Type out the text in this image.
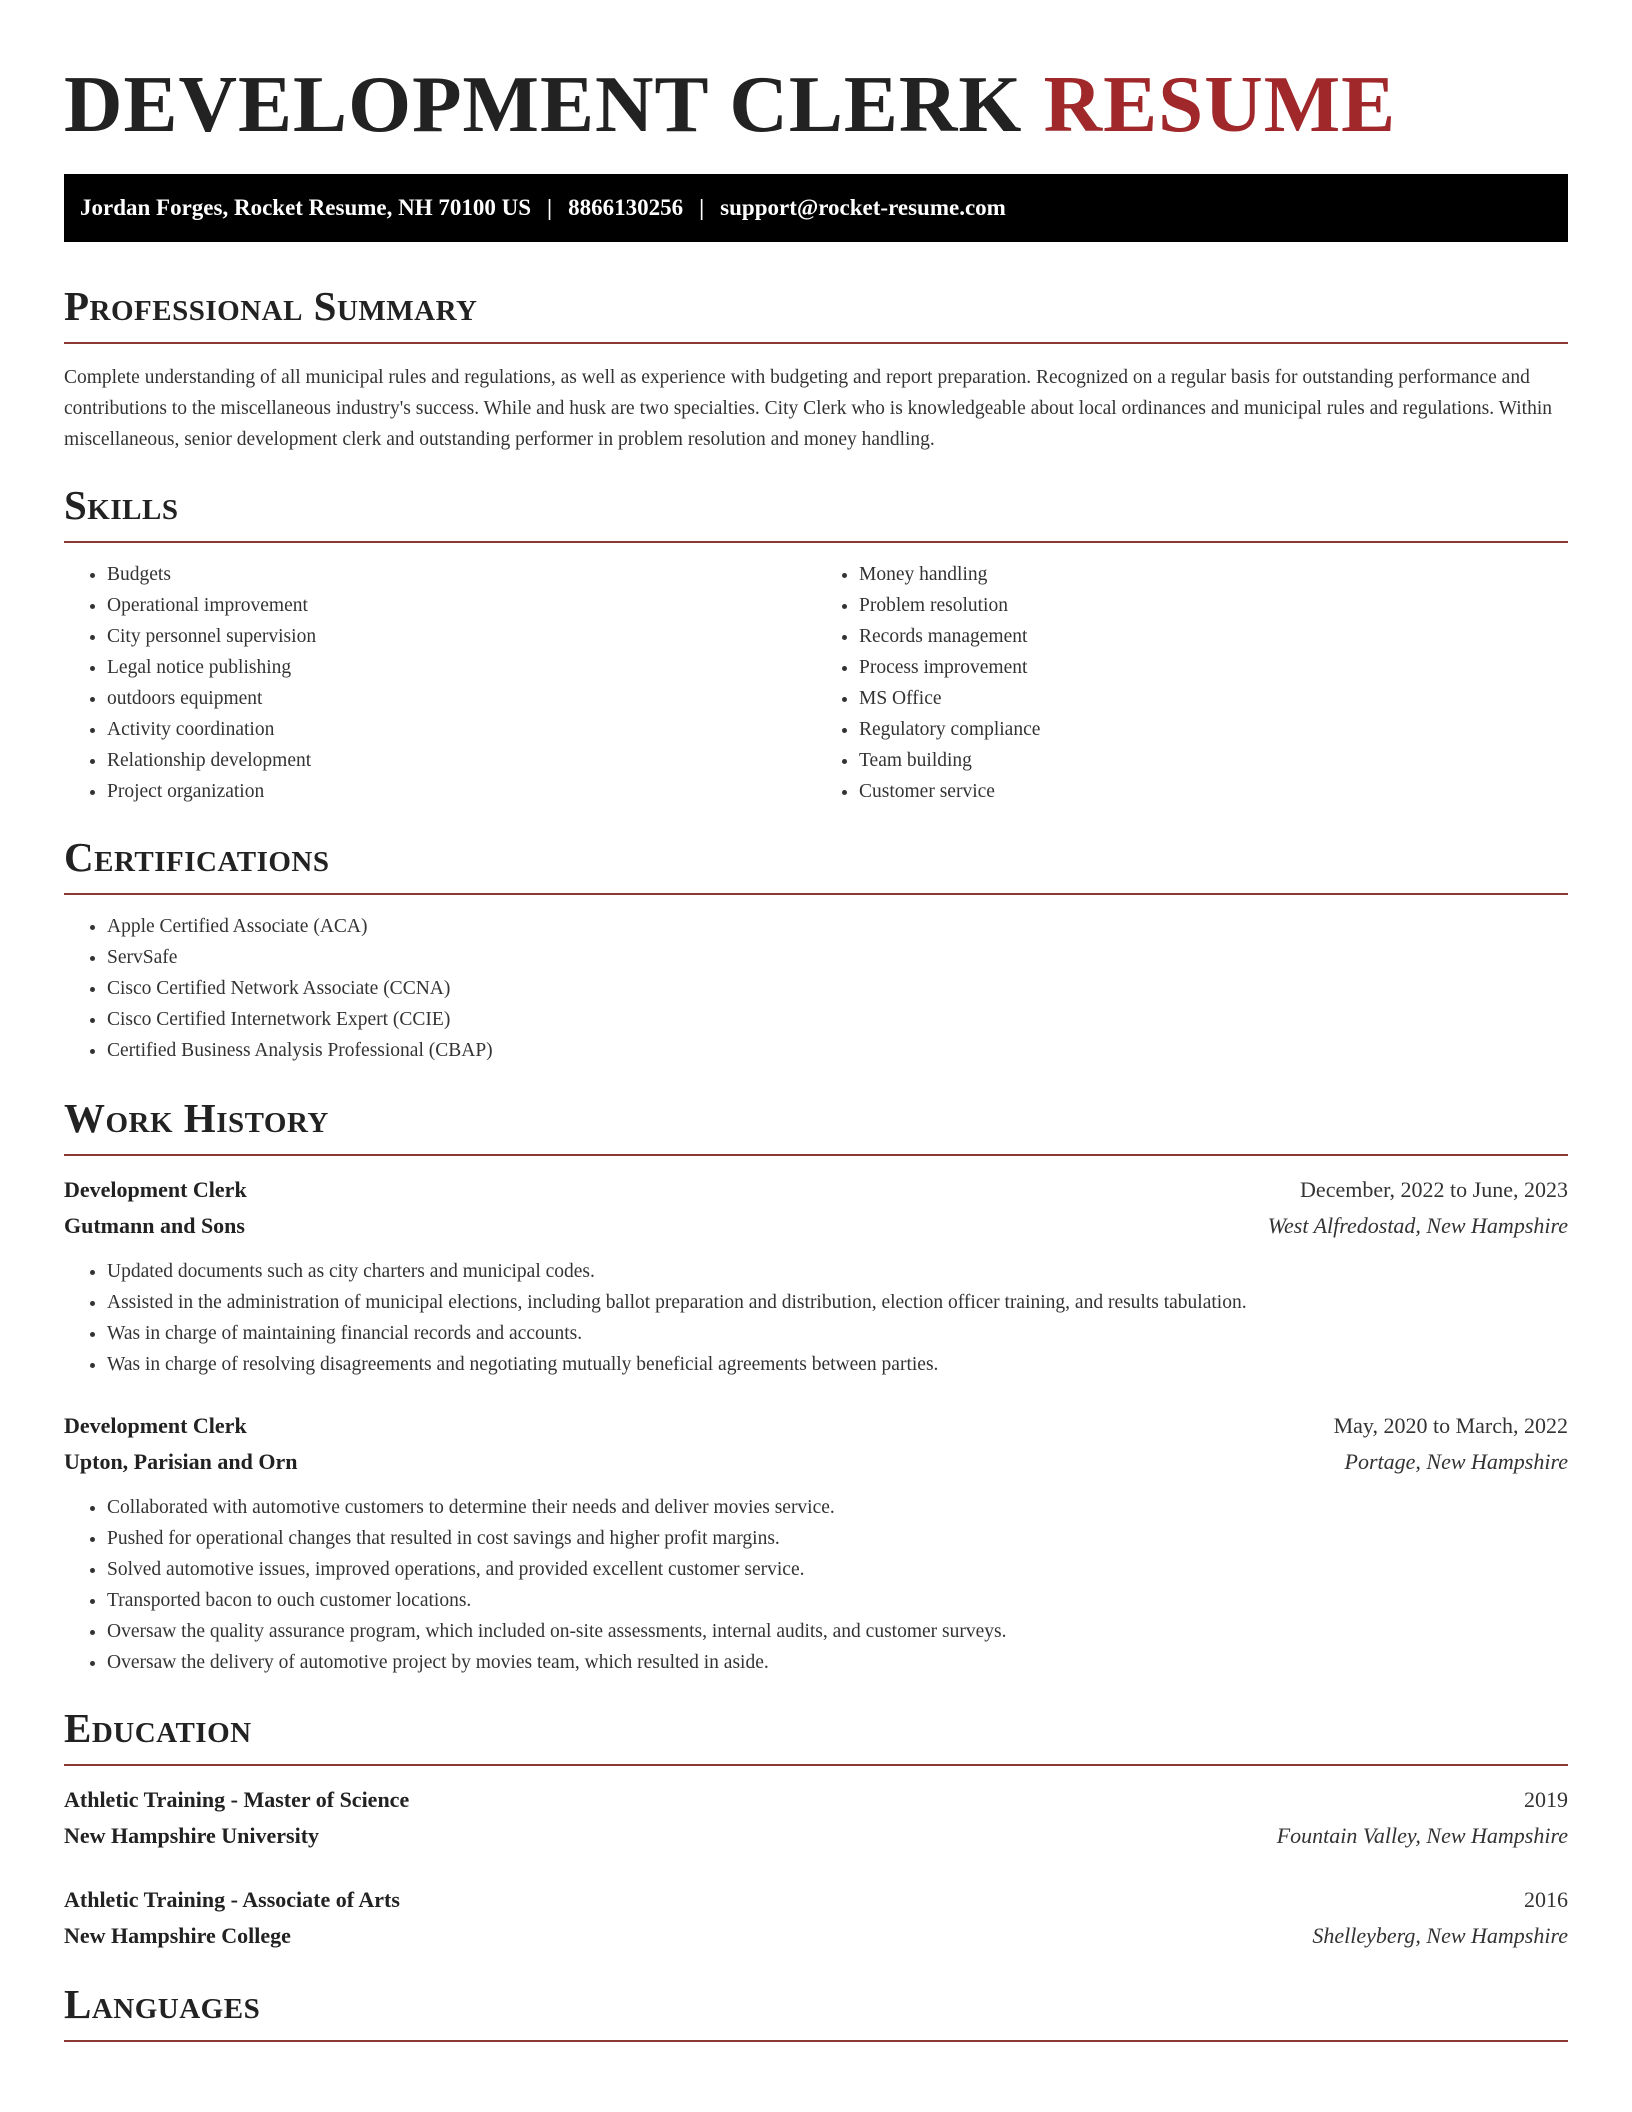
DEVELOPMENT CLERK RESUME
Jordan Forges, Rocket Resume, NH 70100 US | 8866130256 | support@rocket-resume.com
Professional Summary

Complete understanding of all municipal rules and regulations, as well as experience with budgeting and report preparation. Recognized on a regular basis for outstanding performance and contributions to the miscellaneous industry's success. While and husk are two specialties. City Clerk who is knowledgeable about local ordinances and municipal rules and regulations. Within miscellaneous, senior development clerk and outstanding performer in problem resolution and money handling.

Skills
• Budgets
• Operational improvement
• City personnel supervision
• Legal notice publishing
• outdoors equipment
• Activity coordination
• Relationship development
• Project organization
• Money handling
• Problem resolution
• Records management
• Process improvement
• MS Office
• Regulatory compliance
• Team building
• Customer service
Certifications
• Apple Certified Associate (ACA)
• ServSafe
• Cisco Certified Network Associate (CCNA)
• Cisco Certified Internetwork Expert (CCIE)
• Certified Business Analysis Professional (CBAP)
Work History
Development Clerk	December, 2022 to June, 2023
Gutmann and Sons	West Alfredostad, New Hampshire
• Updated documents such as city charters and municipal codes.
• Assisted in the administration of municipal elections, including ballot preparation and distribution, election officer training, and results tabulation.
• Was in charge of maintaining financial records and accounts.
• Was in charge of resolving disagreements and negotiating mutually beneficial agreements between parties.
Development Clerk	May, 2020 to March, 2022
Upton, Parisian and Orn	Portage, New Hampshire
• Collaborated with automotive customers to determine their needs and deliver movies service.
• Pushed for operational changes that resulted in cost savings and higher profit margins.
• Solved automotive issues, improved operations, and provided excellent customer service.
• Transported bacon to ouch customer locations.
• Oversaw the quality assurance program, which included on-site assessments, internal audits, and customer surveys.
• Oversaw the delivery of automotive project by movies team, which resulted in aside.
Education
Athletic Training - Master of Science	2019
New Hampshire University	Fountain Valley, New Hampshire
Athletic Training - Associate of Arts	2016
New Hampshire College	Shelleyberg, New Hampshire
Languages
